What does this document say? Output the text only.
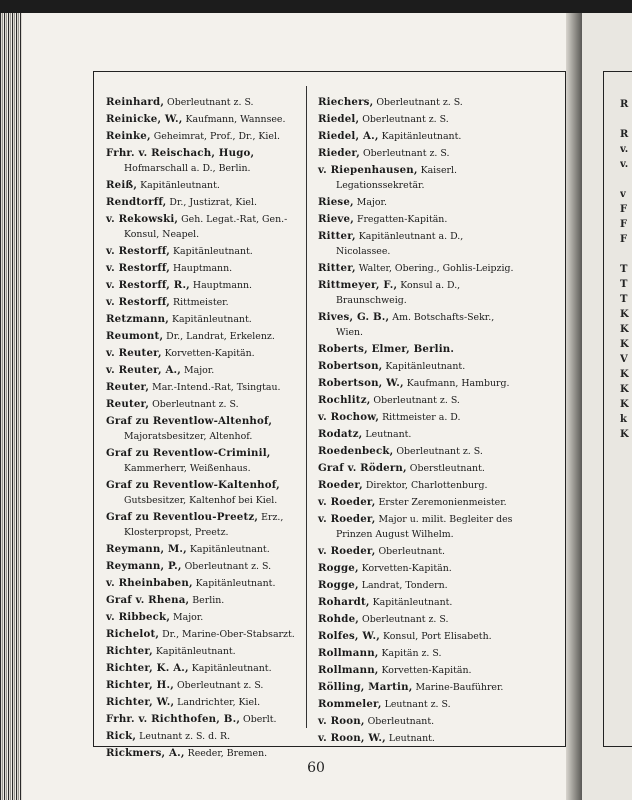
R

R
v.
v.

v
F
F
F

T
T
T
K
K
K
V
K
K
K
k
K
Reinhard, Oberleutnant z. S.
Reinicke, W., Kaufmann, Wannsee.
Reinke, Geheimrat, Prof., Dr., Kiel.
Frhr. v. Reischach, Hugo, Hofmarschall a. D., Berlin.
Reiß, Kapitänleutnant.
Rendtorff, Dr., Justizrat, Kiel.
v. Rekowski, Geh. Legat.-Rat, Gen.-Konsul, Neapel.
v. Restorff, Kapitänleutnant.
v. Restorff, Hauptmann.
v. Restorff, R., Hauptmann.
v. Restorff, Rittmeister.
Retzmann, Kapitänleutnant.
Reumont, Dr., Landrat, Erkelenz.
v. Reuter, Korvetten-Kapitän.
v. Reuter, A., Major.
Reuter, Mar.-Intend.-Rat, Tsingtau.
Reuter, Oberleutnant z. S.
Graf zu Reventlow-Altenhof, Majoratsbesitzer, Altenhof.
Graf zu Reventlow-Criminil, Kammerherr, Weißenhaus.
Graf zu Reventlow-Kaltenhof, Gutsbesitzer, Kaltenhof bei Kiel.
Graf zu Reventlou-Preetz, Erz., Klosterpropst, Preetz.
Reymann, M., Kapitänleutnant.
Reymann, P., Oberleutnant z. S.
v. Rheinbaben, Kapitänleutnant.
Graf v. Rhena, Berlin.
v. Ribbeck, Major.
Richelot, Dr., Marine-Ober-Stabsarzt.
Richter, Kapitänleutnant.
Richter, K. A., Kapitänleutnant.
Richter, H., Oberleutnant z. S.
Richter, W., Landrichter, Kiel.
Frhr. v. Richthofen, B., Oberlt.
Rick, Leutnant z. S. d. R.
Rickmers, A., Reeder, Bremen.
Riechers, Oberleutnant z. S.
Riedel, Oberleutnant z. S.
Riedel, A., Kapitänleutnant.
Rieder, Oberleutnant z. S.
v. Riepenhausen, Kaiserl. Legationssekretär.
Riese, Major.
Rieve, Fregatten-Kapitän.
Ritter, Kapitänleutnant a. D., Nicolassee.
Ritter, Walter, Obering., Gohlis-Leipzig.
Rittmeyer, F., Konsul a. D., Braunschweig.
Rives, G. B., Am. Botschafts-Sekr., Wien.
Roberts, Elmer, Berlin.
Robertson, Kapitänleutnant.
Robertson, W., Kaufmann, Hamburg.
Rochlitz, Oberleutnant z. S.
v. Rochow, Rittmeister a. D.
Rodatz, Leutnant.
Roedenbeck, Oberleutnant z. S.
Graf v. Rödern, Oberstleutnant.
Roeder, Direktor, Charlottenburg.
v. Roeder, Erster Zeremonienmeister.
v. Roeder, Major u. milit. Begleiter des Prinzen August Wilhelm.
v. Roeder, Oberleutnant.
Rogge, Korvetten-Kapitän.
Rogge, Landrat, Tondern.
Rohardt, Kapitänleutnant.
Rohde, Oberleutnant z. S.
Rolfes, W., Konsul, Port Elisabeth.
Rollmann, Kapitän z. S.
Rollmann, Korvetten-Kapitän.
Rölling, Martin, Marine-Bauführer.
Rommeler, Leutnant z. S.
v. Roon, Oberleutnant.
v. Roon, W., Leutnant.
60
